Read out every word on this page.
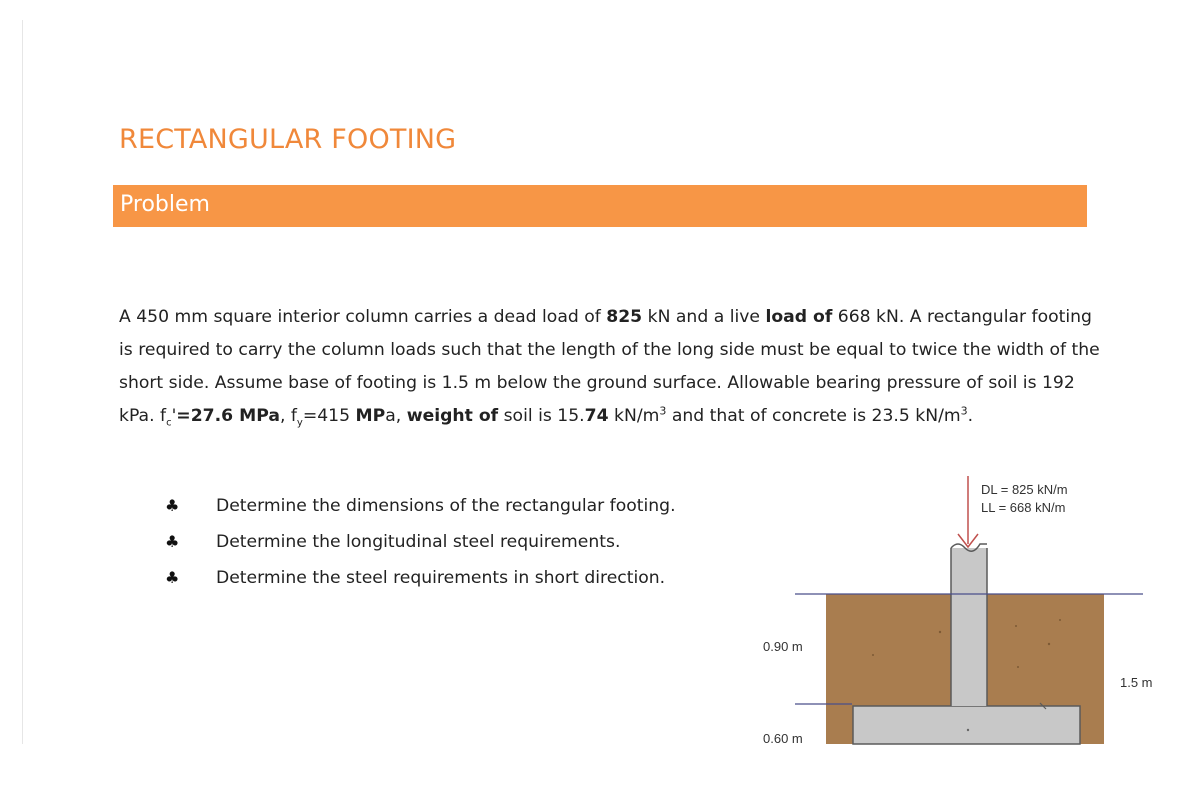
RECTANGULAR FOOTING
Problem

A 450 mm square interior column carries a dead load of 825 kN and a live load of 668 kN. A rectangular footing is required to carry the column loads such that the length of the long side must be equal to twice the width of the short side. Assume base of footing is 1.5 m below the ground surface. Allowable bearing pressure of soil is 192 kPa. $f_c'=27.6$ MPa, $f_y=415$ MPa, weight of soil is 15.74 $kN/m^3$ and that of concrete is 23.5 $kN/m^3$.

♣	Determine the dimensions of the rectangular footing.
♣	Determine the longitudinal steel requirements.
♣	Determine the steel requirements in short direction.
DL = 825 kN/m
LL = 668 kN/m
0.90 m
0.60 m
1.5 m
